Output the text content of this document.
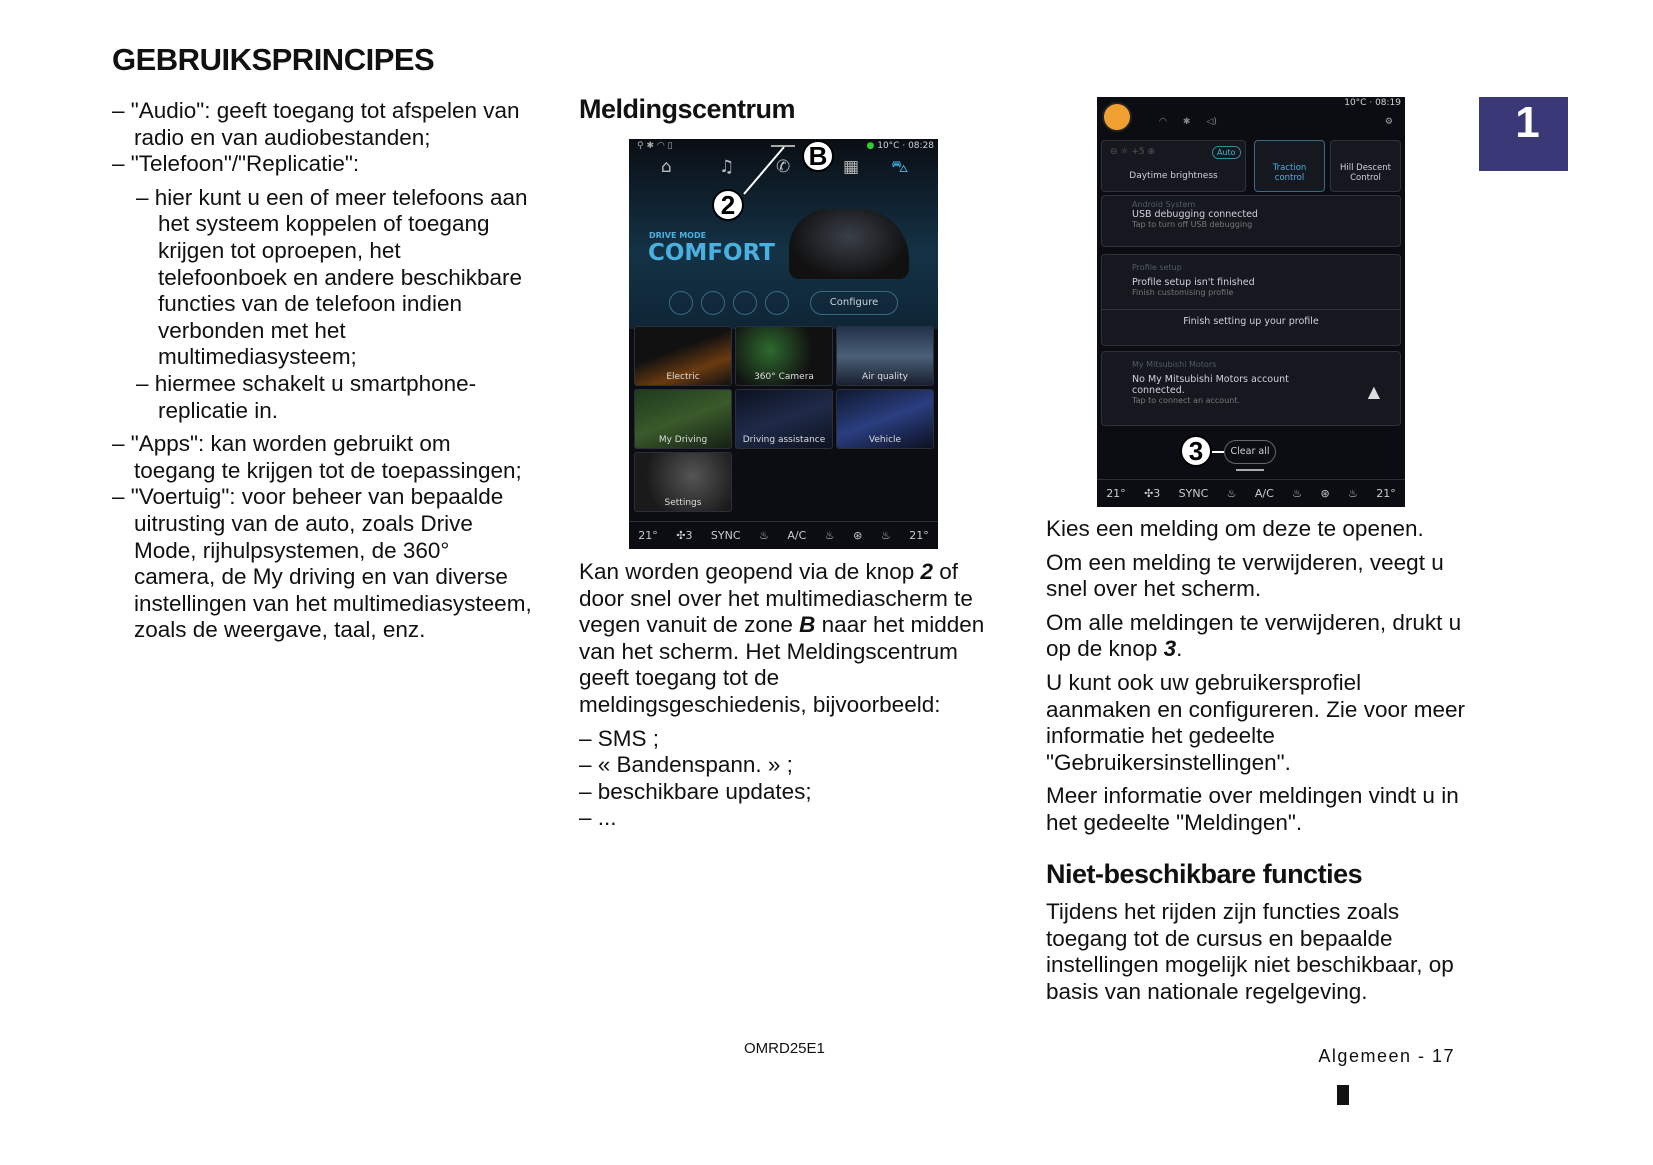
GEBRUIKSPRINCIPES
1

– "Audio": geeft toegang tot afspelen van radio en van audiobestanden;

– "Telefoon"/"Replicatie":

– hier kunt u een of meer telefoons aan het systeem koppelen of toegang krijgen tot oproepen, het telefoonboek en andere beschikbare functies van de telefoon indien verbonden met het multimediasysteem;

– hiermee schakelt u smartphone-replicatie in.

– "Apps": kan worden gebruikt om toegang te krijgen tot de toepassingen;

– "Voertuig": voor beheer van bepaalde uitrusting van de auto, zoals Drive Mode, rijhulpsystemen, de 360° camera, de My driving en van diverse instellingen van het multimediasysteem, zoals de weergave, taal, enz.

Meldingscentrum
⚲ ✱ ◠ ▯	● 10°C · 08:28
⌂	♫ ✆	▦ ⛍
DRIVE MODE
COMFORT
Configure
Electric	360° Camera	Air quality
My Driving	Driving assistance	Vehicle
Settings
21° ✣3 SYNC ♨ A/C ♨ ⊛ ♨ 21°
B
2

Kan worden geopend via de knop 2 of door snel over het multimediascherm te vegen vanuit de zone B naar het midden van het scherm. Het Meldingscentrum geeft toegang tot de meldingsgeschiedenis, bijvoorbeeld:

– SMS ;
– « Bandenspann. » ;
– beschikbare updates;
– ...
10°C · 08:19
◠ ✱ ◁)	⚙
⊖ ☼ +5 ⊕	Auto
Daytime brightness
Traction control
Hill Descent Control
Android System
USB debugging connected
Tap to turn off USB debugging
Profile setup
Profile setup isn't finished
Finish customising profile
Finish setting up your profile
My Mitsubishi Motors
No My Mitsubishi Motors account connected.
Tap to connect an account.	▲
Clear all
21° ✣3 SYNC ♨ A/C ♨ ⊛ ♨ 21°
3

Kies een melding om deze te openen.

Om een melding te verwijderen, veegt u snel over het scherm.

Om alle meldingen te verwijderen, drukt u op de knop 3.

U kunt ook uw gebruikersprofiel aanmaken en configureren. Zie voor meer informatie het gedeelte "Gebruikersinstellingen".

Meer informatie over meldingen vindt u in het gedeelte "Meldingen".

Niet-beschikbare functies

Tijdens het rijden zijn functies zoals toegang tot de cursus en bepaalde instellingen mogelijk niet beschikbaar, op basis van nationale regelgeving.

OMRD25E1	Algemeen - 17
